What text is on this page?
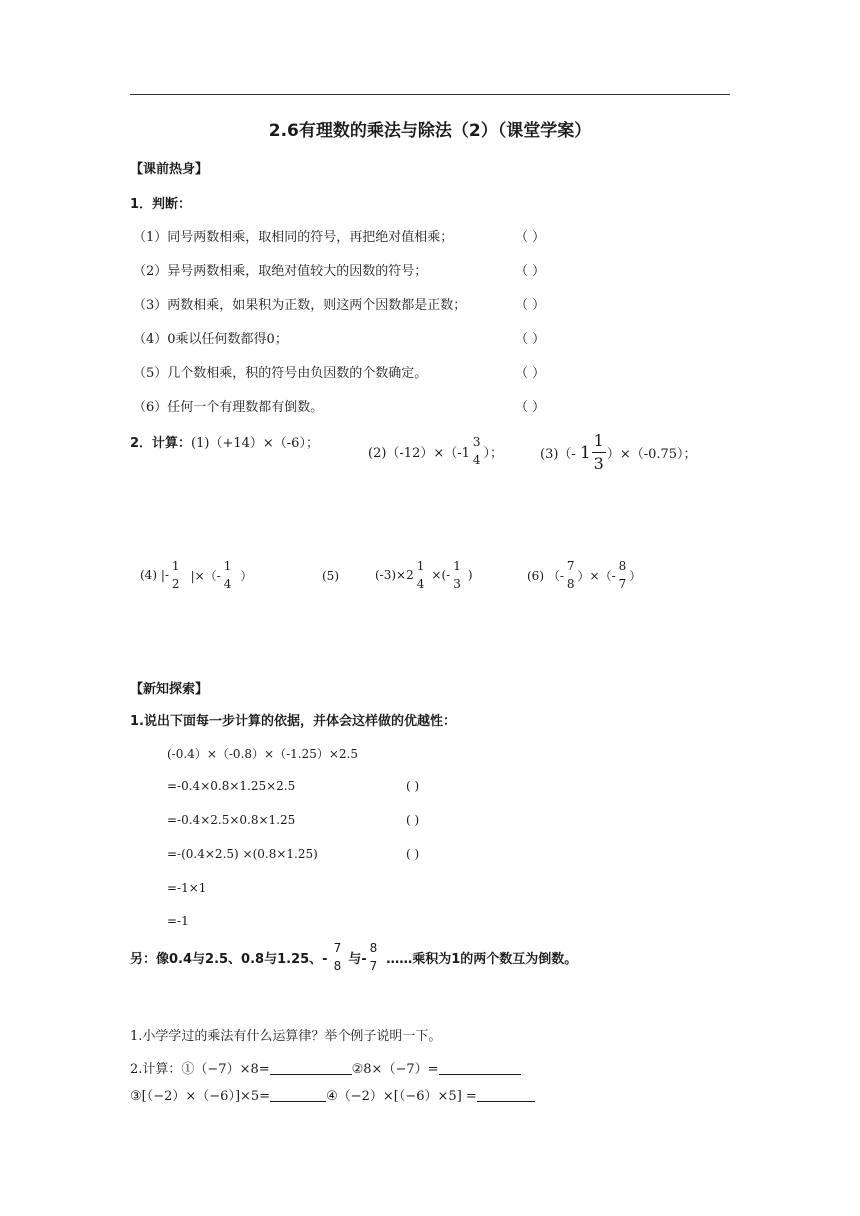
2.6有理数的乘法与除法（2）（课堂学案）
【课前热身】
1．判断：
（1）同号两数相乘，取相同的符号，再把绝对值相乘；	（ ）
（2）异号两数相乘，取绝对值较大的因数的符号；	（ ）
（3）两数相乘，如果积为正数，则这两个因数都是正数；	（ ）
（4）0乘以任何数都得0；	（ ）
（5）几个数相乘，积的符号由负因数的个数确定。	（ ）
（6）任何一个有理数都有倒数。	（ ）
2．计算： (1)（+14）×（-6）；
(2)（-12）×（-1
3
4 ）；	(3)（- $1 \frac{1}{3} )\times(-0.75)$；
(4) |-
1
2
|×（-
1
4
）	(5)	(-3)×2
1
4
×(-
1
3
)	(6) （-
7
8
）×（-
8
7
）
【新知探索】
1.说出下面每一步计算的依据，并体会这样做的优越性：
(-0.4）×（-0.8）×（-1.25）×2.5
=-0.4×0.8×1.25×2.5	( )
=-0.4×2.5×0.8×1.25	( )
=-(0.4×2.5) ×(0.8×1.25)	( )
=-1×1
=-1
另：像0.4与2.5、0.8与1.25、-
7
8 与-
8
7 ……乘积为1的两个数互为倒数。
1.小学学过的乘法有什么运算律？举个例子说明一下。
2.计算：①（−7）×8=	②8×（−7）=
③[（−2）×（−6）]×5=	④（−2）×[（−6）×5] =
